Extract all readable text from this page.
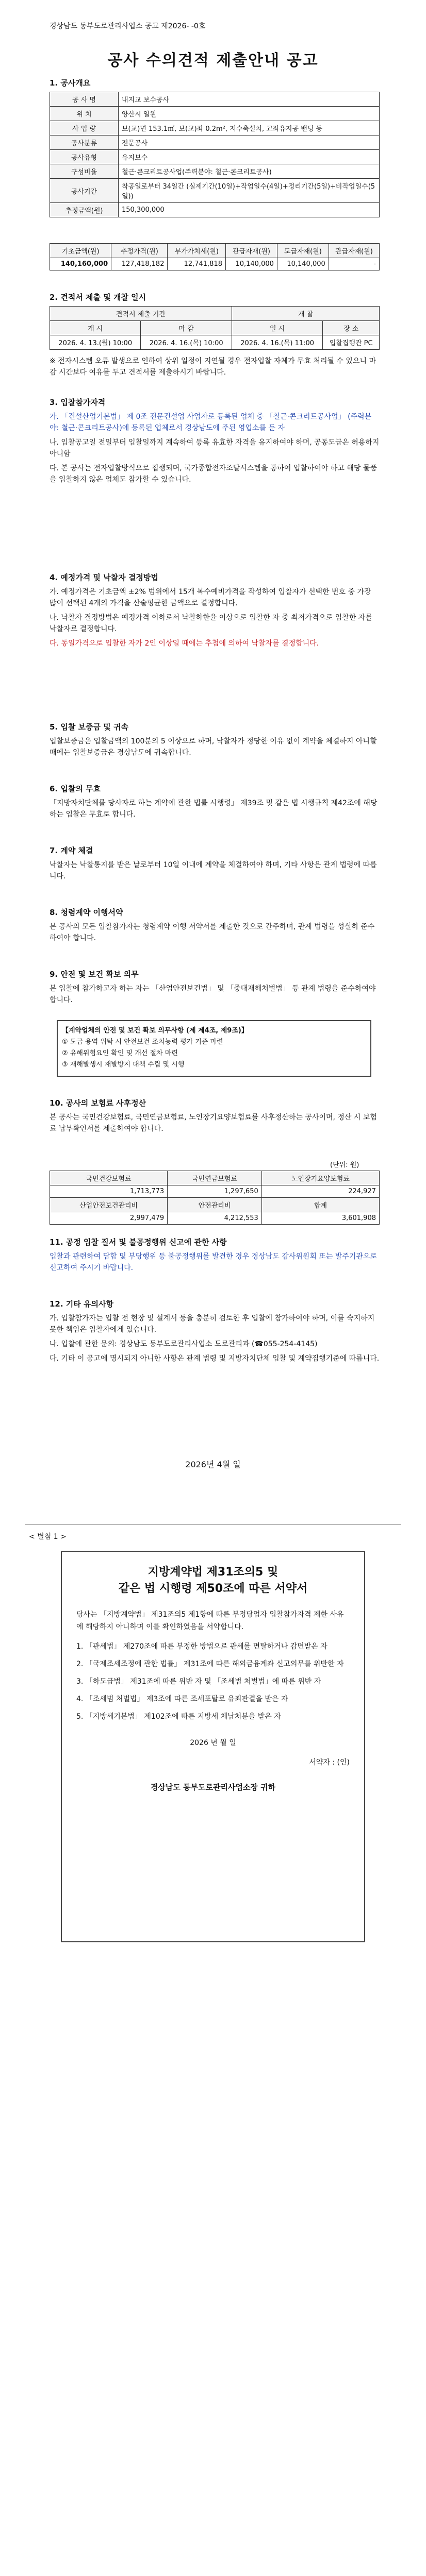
경상남도 동부도로관리사업소 공고 제2026- -0호
공사 수의견적 제출안내 공고
1. 공사개요
공 사 명	내지교 보수공사
위 치	양산시 일원
사 업 량	보(교)면 153.1㎡, 보(교)좌 0.2m², 저수축설치, 교좌유지공 밴딩 등
공사분류	전문공사
공사유형	유지보수
구성비율	철근·콘크리트공사업(주력분야: 철근·콘크리트공사)
공사기간	착공일로부터 34일간 (실제기간(10일)+작업일수(4일)+정리기간(5일)+비작업일수(5일))
추정금액(원)	150,300,000
기초금액(원)	추정가격(원)	부가가치세(원)	관급자재(원)	도급자재(원)	관급자재(원)
140,160,000	127,418,182	12,741,818	10,140,000	10,140,000	-
2. 견적서 제출 및 개찰 일시
견적서 제출 기간		개 찰	
개 시	마 감	일 시	장 소
2026. 4. 13.(월) 10:00	2026. 4. 16.(목) 10:00	2026. 4. 16.(목) 11:00	입찰집행관 PC

※ 전자시스템 오류 발생으로 인하여 상위 일정이 지연될 경우 전자입찰 자체가 무효 처리될 수 있으니 마감 시간보다 여유를 두고 견적서를 제출하시기 바랍니다.

3. 입찰참가자격

가. 「건설산업기본법」 제 0조 전문건설업 사업자로 등록된 업체 중 「철근·콘크리트공사업」 (주력분야: 철근·콘크리트공사)에 등록된 업체로서 경상남도에 주된 영업소를 둔 자

나. 입찰공고일 전일부터 입찰일까지 계속하여 등록 유효한 자격을 유지하여야 하며, 공동도급은 허용하지 아니함

다. 본 공사는 전자입찰방식으로 집행되며, 국가종합전자조달시스템을 통하여 입찰하여야 하고 해당 물품을 입찰하지 않은 업체도 참가할 수 있습니다.

4. 예정가격 및 낙찰자 결정방법

가. 예정가격은 기초금액 ±2% 범위에서 15개 복수예비가격을 작성하여 입찰자가 선택한 번호 중 가장 많이 선택된 4개의 가격을 산술평균한 금액으로 결정합니다.

나. 낙찰자 결정방법은 예정가격 이하로서 낙찰하한율 이상으로 입찰한 자 중 최저가격으로 입찰한 자를 낙찰자로 결정합니다.

다. 동일가격으로 입찰한 자가 2인 이상일 때에는 추첨에 의하여 낙찰자를 결정합니다.

5. 입찰 보증금 및 귀속

입찰보증금은 입찰금액의 100분의 5 이상으로 하며, 낙찰자가 정당한 이유 없이 계약을 체결하지 아니할 때에는 입찰보증금은 경상남도에 귀속합니다.

6. 입찰의 무효

「지방자치단체를 당사자로 하는 계약에 관한 법률 시행령」 제39조 및 같은 법 시행규칙 제42조에 해당하는 입찰은 무효로 합니다.

7. 계약 체결

낙찰자는 낙찰통지를 받은 날로부터 10일 이내에 계약을 체결하여야 하며, 기타 사항은 관계 법령에 따릅니다.

8. 청렴계약 이행서약

본 공사의 모든 입찰참가자는 청렴계약 이행 서약서를 제출한 것으로 간주하며, 관계 법령을 성실히 준수하여야 합니다.

9. 안전 및 보건 확보 의무

본 입찰에 참가하고자 하는 자는 「산업안전보건법」 및 「중대재해처벌법」 등 관계 법령을 준수하여야 합니다.

【계약업체의 안전 및 보건 확보 의무사항 (제 제4조, 제9조)】
① 도급 용역 위탁 시 안전보건 조치능력 평가 기준 마련
② 유해위험요인 확인 및 개선 절차 마련
③ 재해발생시 재발방지 대책 수립 및 시행
10. 공사의 보험료 사후정산

본 공사는 국민건강보험료, 국민연금보험료, 노인장기요양보험료를 사후정산하는 공사이며, 정산 시 보험료 납부확인서를 제출하여야 합니다.

(단위: 원)
국민건강보험료	국민연금보험료	노인장기요양보험료
1,713,773	1,297,650	224,927
산업안전보건관리비	안전관리비	합계
2,997,479	4,212,553	3,601,908
11. 공정 입찰 질서 및 불공정행위 신고에 관한 사항

입찰과 관련하여 담합 및 부당행위 등 불공정행위를 발견한 경우 경상남도 감사위원회 또는 발주기관으로 신고하여 주시기 바랍니다.

12. 기타 유의사항

가. 입찰참가자는 입찰 전 현장 및 설계서 등을 충분히 검토한 후 입찰에 참가하여야 하며, 이를 숙지하지 못한 책임은 입찰자에게 있습니다.

나. 입찰에 관한 문의: 경상남도 동부도로관리사업소 도로관리과 (☎055-254-4145)

다. 기타 이 공고에 명시되지 아니한 사항은 관계 법령 및 지방자치단체 입찰 및 계약집행기준에 따릅니다.

2026년 4월 일
< 별첨 1 >
지방계약법 제31조의5 및
같은 법 시행령 제50조에 따른 서약서
당사는 「지방계약법」 제31조의5 제1항에 따른 부정당업자 입찰참가자격 제한 사유에 해당하지 아니하며 이를 확인하였음을 서약합니다.
1. 「관세법」 제270조에 따른 부정한 방법으로 관세를 면탈하거나 감면받은 자
2. 「국제조세조정에 관한 법률」 제31조에 따른 해외금융계좌 신고의무를 위반한 자
3. 「하도급법」 제31조에 따른 위반 자 및 「조세범 처벌법」에 따른 위반 자
4. 「조세범 처벌법」 제3조에 따른 조세포탈로 유죄판결을 받은 자
5. 「지방세기본법」 제102조에 따른 지방세 체납처분을 받은 자
2026 년 월 일
서약자 : (인)
경상남도 동부도로관리사업소장 귀하
